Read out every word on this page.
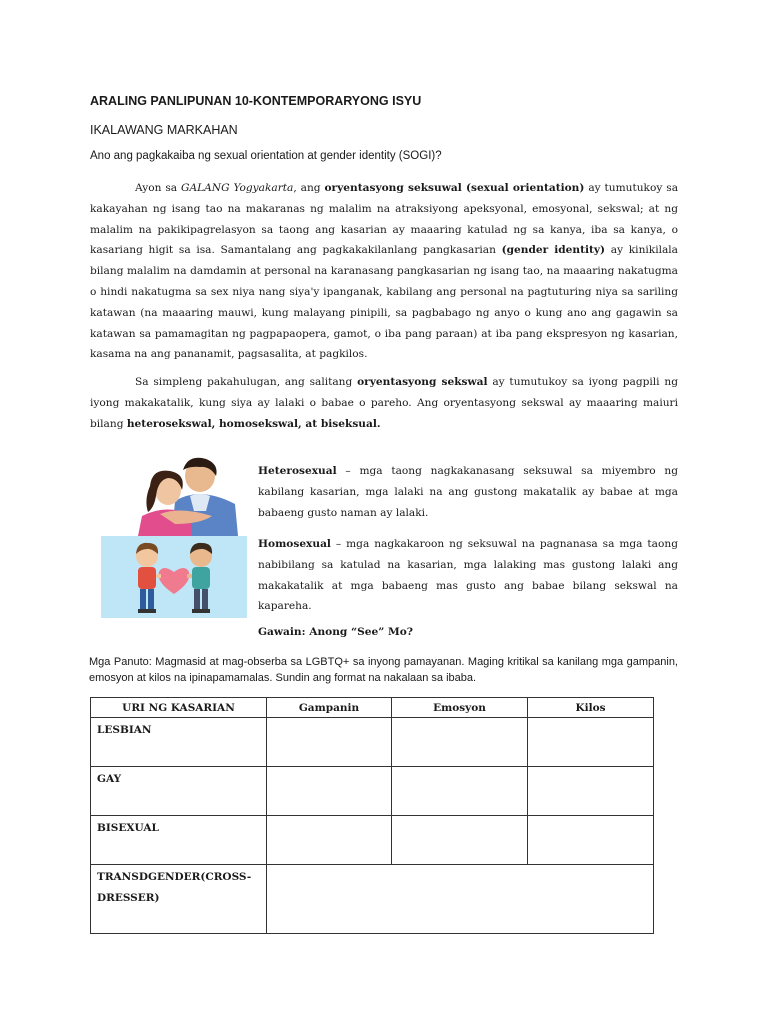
ARALING PANLIPUNAN 10-KONTEMPORARYONG ISYU
IKALAWANG MARKAHAN
Ano ang pagkakaiba ng sexual orientation at gender identity (SOGI)?
Ayon sa GALANG Yogyakarta, ang oryentasyong seksuwal (sexual orientation) ay tumutukoy sa kakayahan ng isang tao na makaranas ng malalim na atraksiyong apeksyonal, emosyonal, sekswal; at ng malalim na pakikipagrelasyon sa taong ang kasarian ay maaaring katulad ng sa kanya, iba sa kanya, o kasariang higit sa isa. Samantalang ang pagkakakilanlang pangkasarian (gender identity) ay kinikilala bilang malalim na damdamin at personal na karanasang pangkasarian ng isang tao, na maaaring nakatugma o hindi nakatugma sa sex niya nang siya'y ipanganak, kabilang ang personal na pagtuturing niya sa sariling katawan (na maaaring mauwi, kung malayang pinipili, sa pagbabago ng anyo o kung ano ang gagawin sa katawan sa pamamagitan ng pagpapaopera, gamot, o iba pang paraan) at iba pang ekspresyon ng kasarian, kasama na ang pananamit, pagsasalita, at pagkilos.
Sa simpleng pakahulugan, ang salitang oryentasyong sekswal ay tumutukoy sa iyong pagpili ng iyong makakatalik, kung siya ay lalaki o babae o pareho. Ang oryentasyong sekswal ay maaaring maiuri bilang heterosekswal, homosekswal, at biseksual.
Heterosexual – mga taong nagkakanasang seksuwal sa miyembro ng kabilang kasarian, mga lalaki na ang gustong makatalik ay babae at mga babaeng gusto naman ay lalaki.
Homosexual – mga nagkakaroon ng seksuwal na pagnanasa sa mga taong nabibilang sa katulad na kasarian, mga lalaking mas gustong lalaki ang makakatalik at mga babaeng mas gusto ang babae bilang sekswal na kapareha.
Gawain: Anong “See” Mo?
Mga Panuto: Magmasid at mag-obserba sa LGBTQ+ sa inyong pamayanan. Maging kritikal sa kanilang mga gampanin, emosyon at kilos na ipinapamamalas. Sundin ang format na nakalaan sa ibaba.
URI NG KASARIAN	Gampanin	Emosyon	Kilos
LESBIAN			
GAY			
BISEXUAL			
TRANSDGENDER(CROSS-DRESSER)			
